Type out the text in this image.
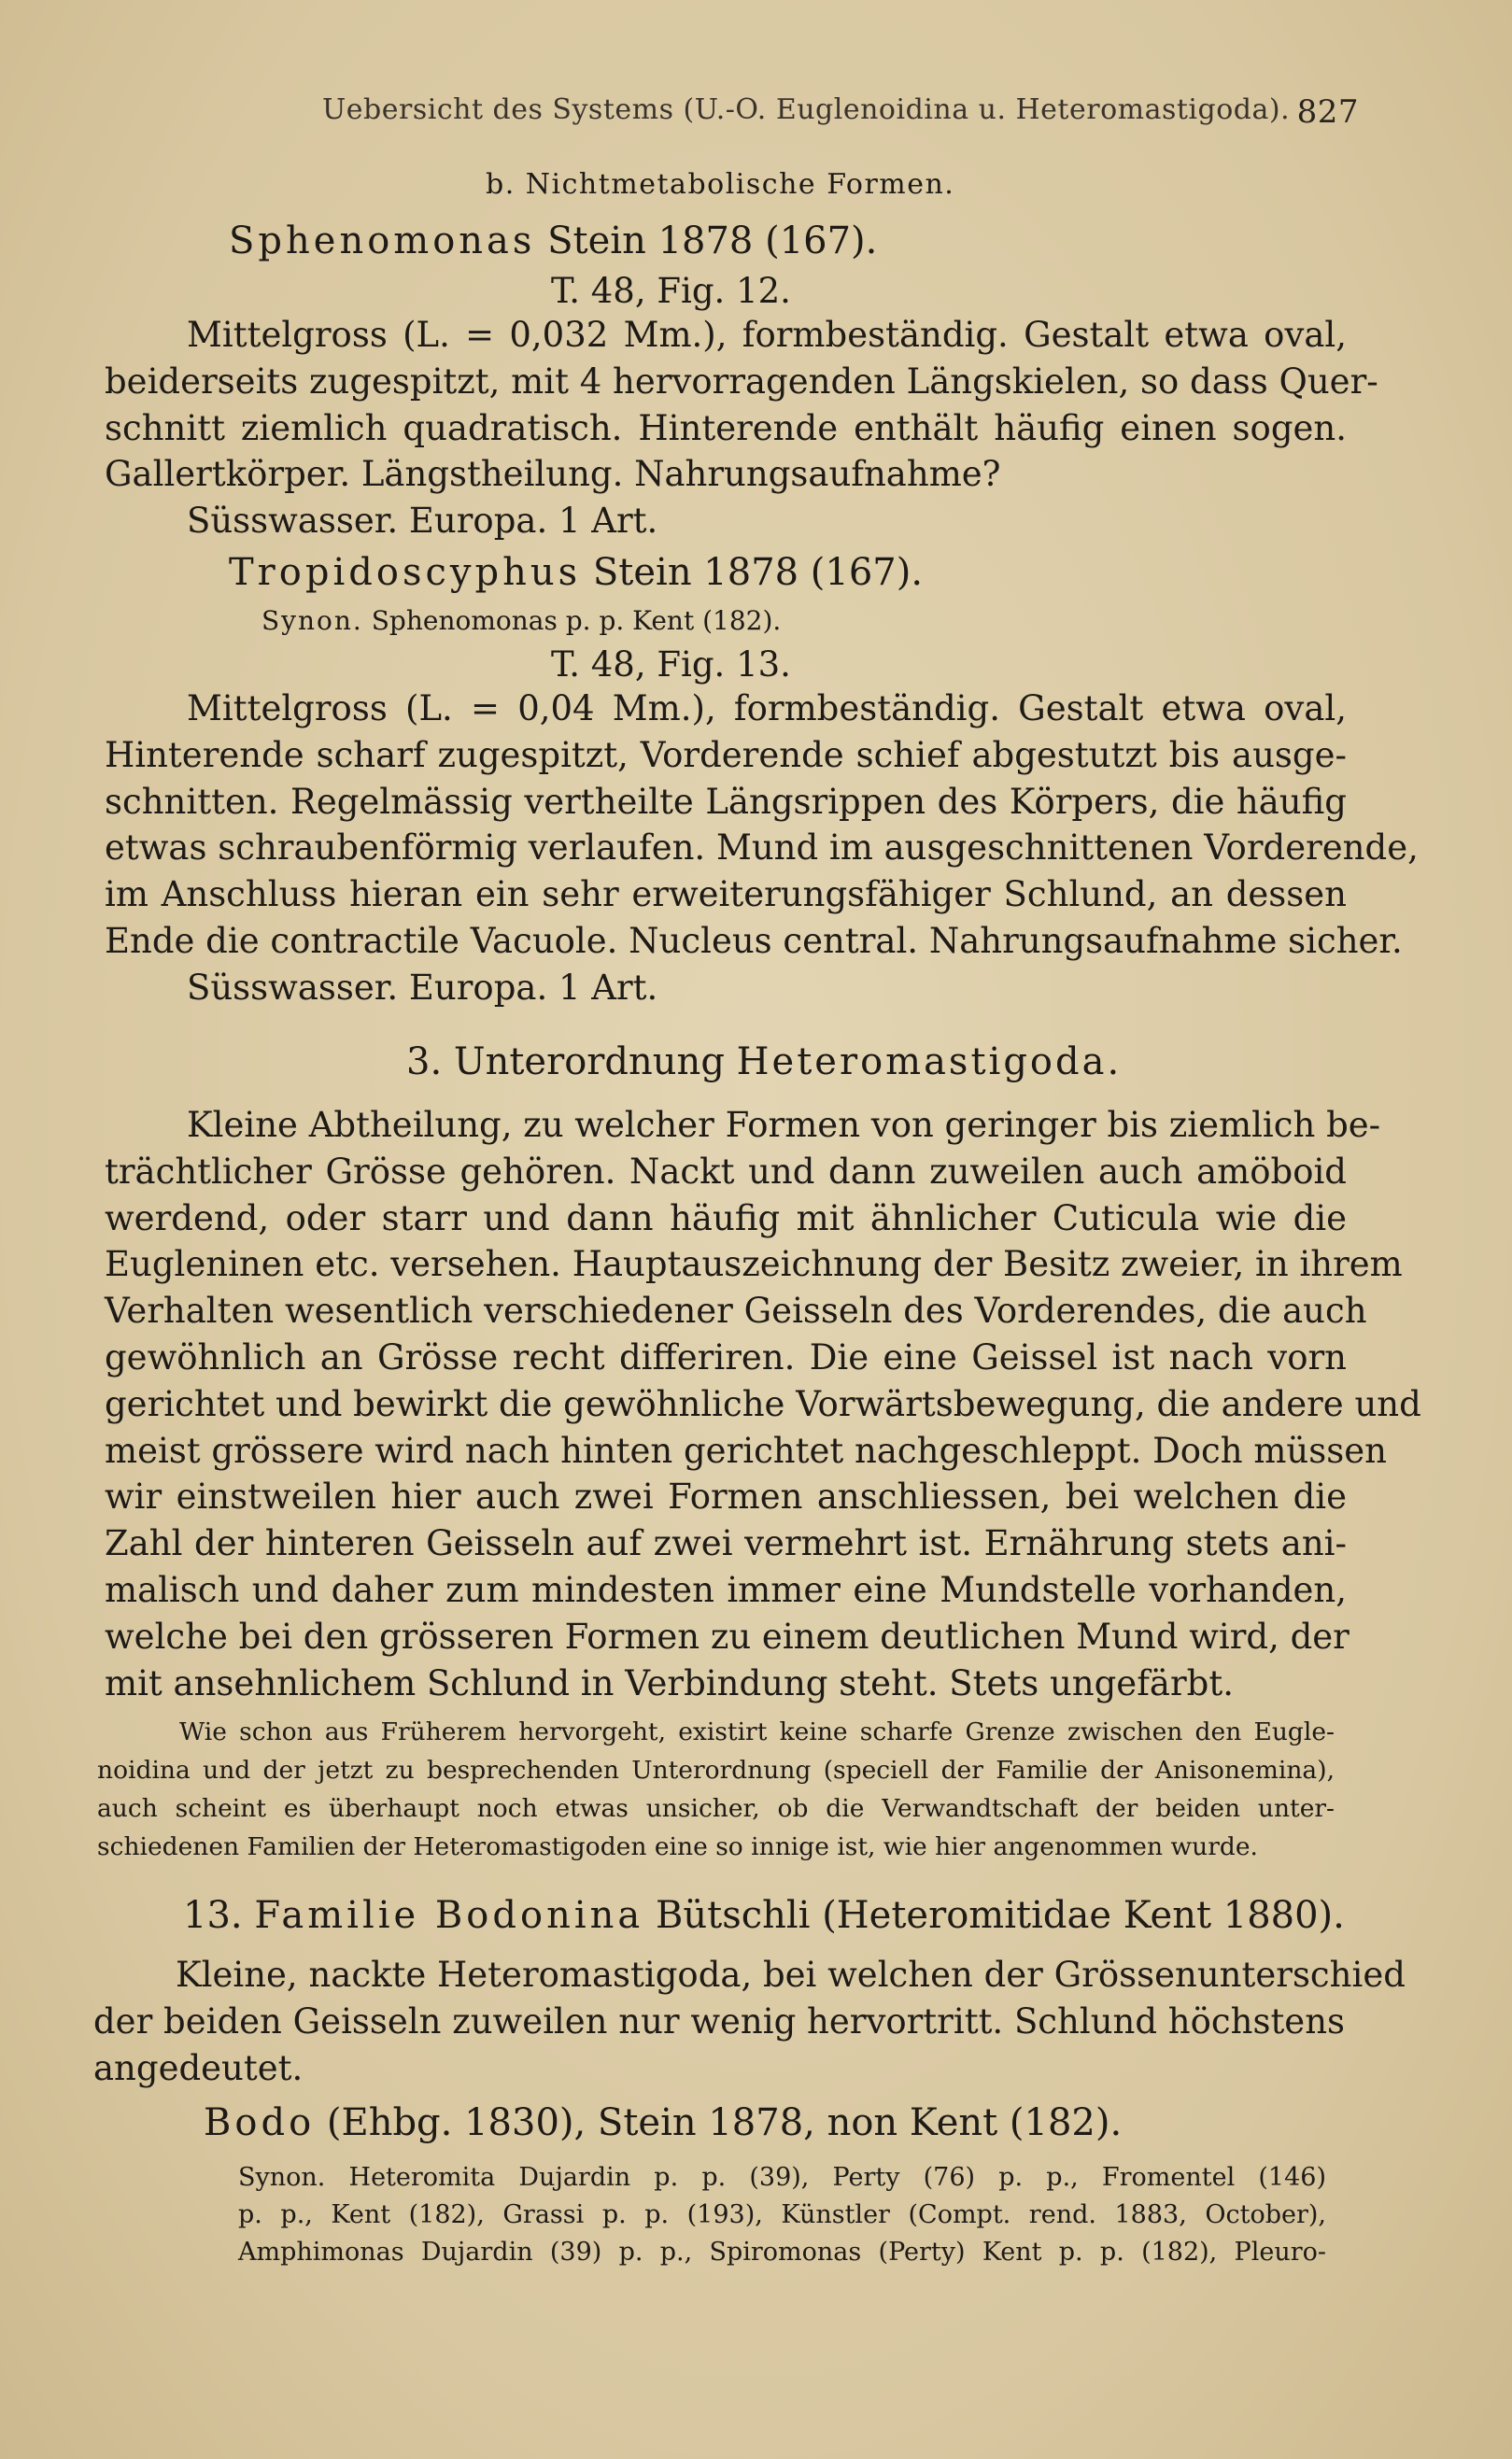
Uebersicht des Systems (U.-O. Euglenoidina u. Heteromastigoda). 827
b. Nichtmetabolische Formen.
Sphenomonas Stein 1878 (167).
T. 48, Fig. 12.
Mittelgross (L. = 0,032 Mm.), formbeständig. Gestalt etwa oval,
beiderseits zugespitzt, mit 4 hervorragenden Längskielen, so dass Quer-
schnitt ziemlich quadratisch. Hinterende enthält häufig einen sogen.
Gallertkörper. Längstheilung. Nahrungsaufnahme?
Süsswasser. Europa. 1 Art.
Tropidoscyphus Stein 1878 (167).
Synon. Sphenomonas p. p. Kent (182).
T. 48, Fig. 13.
Mittelgross (L. = 0,04 Mm.), formbeständig. Gestalt etwa oval,
Hinterende scharf zugespitzt, Vorderende schief abgestutzt bis ausge-
schnitten. Regelmässig vertheilte Längsrippen des Körpers, die häufig
etwas schraubenförmig verlaufen. Mund im ausgeschnittenen Vorderende,
im Anschluss hieran ein sehr erweiterungsfähiger Schlund, an dessen
Ende die contractile Vacuole. Nucleus central. Nahrungsaufnahme sicher.
Süsswasser. Europa. 1 Art.
3. Unterordnung Heteromastigoda.
Kleine Abtheilung, zu welcher Formen von geringer bis ziemlich be-
trächtlicher Grösse gehören. Nackt und dann zuweilen auch amöboid
werdend, oder starr und dann häufig mit ähnlicher Cuticula wie die
Eugleninen etc. versehen. Hauptauszeichnung der Besitz zweier, in ihrem
Verhalten wesentlich verschiedener Geisseln des Vorderendes, die auch
gewöhnlich an Grösse recht differiren. Die eine Geissel ist nach vorn
gerichtet und bewirkt die gewöhnliche Vorwärtsbewegung, die andere und
meist grössere wird nach hinten gerichtet nachgeschleppt. Doch müssen
wir einstweilen hier auch zwei Formen anschliessen, bei welchen die
Zahl der hinteren Geisseln auf zwei vermehrt ist. Ernährung stets ani-
malisch und daher zum mindesten immer eine Mundstelle vorhanden,
welche bei den grösseren Formen zu einem deutlichen Mund wird, der
mit ansehnlichem Schlund in Verbindung steht. Stets ungefärbt.
Wie schon aus Früherem hervorgeht, existirt keine scharfe Grenze zwischen den Eugle-
noidina und der jetzt zu besprechenden Unterordnung (speciell der Familie der Anisonemina),
auch scheint es überhaupt noch etwas unsicher, ob die Verwandtschaft der beiden unter-
schiedenen Familien der Heteromastigoden eine so innige ist, wie hier angenommen wurde.
13. Familie Bodonina Bütschli (Heteromitidae Kent 1880).
Kleine, nackte Heteromastigoda, bei welchen der Grössenunterschied
der beiden Geisseln zuweilen nur wenig hervortritt. Schlund höchstens
angedeutet.
Bodo (Ehbg. 1830), Stein 1878, non Kent (182).
Synon. Heteromita Dujardin p. p. (39), Perty (76) p. p., Fromentel (146)
p. p., Kent (182), Grassi p. p. (193), Künstler (Compt. rend. 1883, October),
Amphimonas Dujardin (39) p. p., Spiromonas (Perty) Kent p. p. (182), Pleuro-
